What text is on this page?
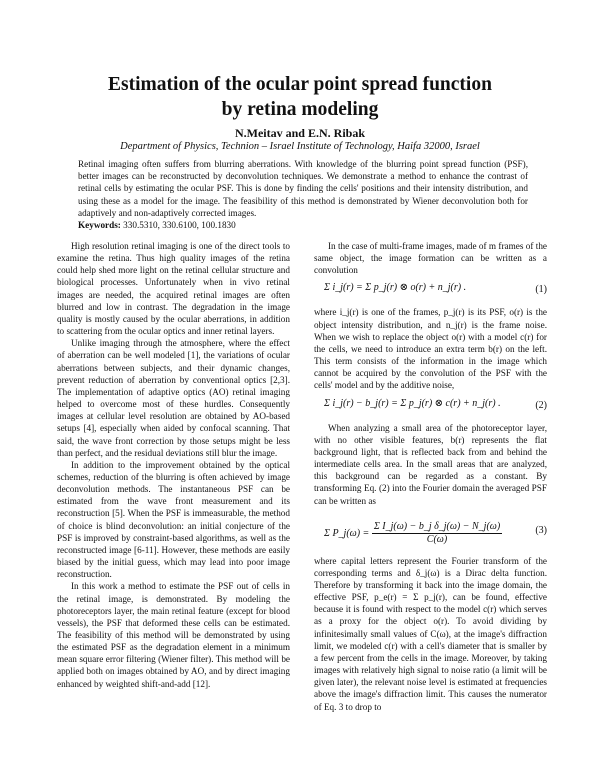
Estimation of the ocular point spread function
by retina modeling
N.Meitav and E.N. Ribak
Department of Physics, Technion – Israel Institute of Technology, Haifa 32000, Israel

Retinal imaging often suffers from blurring aberrations. With knowledge of the blurring point spread function (PSF), better images can be reconstructed by deconvolution techniques. We demonstrate a method to enhance the contrast of retinal cells by estimating the ocular PSF. This is done by finding the cells' positions and their intensity distribution, and using these as a model for the image. The feasibility of this method is demonstrated by Wiener deconvolution both for adaptively and non-adaptively corrected images.

Keywords: 330.5310, 330.6100, 100.1830

High resolution retinal imaging is one of the direct tools to examine the retina. Thus high quality images of the retina could help shed more light on the retinal cellular structure and biological processes. Unfortunately when in vivo retinal images are needed, the acquired retinal images are often blurred and low in contrast. The degradation in the image quality is mostly caused by the ocular aberrations, in addition to scattering from the ocular optics and inner retinal layers.

Unlike imaging through the atmosphere, where the effect of aberration can be well modeled [1], the variations of ocular aberrations between subjects, and their dynamic changes, prevent reduction of aberration by conventional optics [2,3]. The implementation of adaptive optics (AO) retinal imaging helped to overcome most of these hurdles. Consequently images at cellular level resolution are obtained by AO-based setups [4], especially when aided by confocal scanning. That said, the wave front correction by those setups might be less than perfect, and the residual deviations still blur the image.

In addition to the improvement obtained by the optical schemes, reduction of the blurring is often achieved by image deconvolution methods. The instantaneous PSF can be estimated from the wave front measurement and its reconstruction [5]. When the PSF is immeasurable, the method of choice is blind deconvolution: an initial conjecture of the PSF is improved by constraint-based algorithms, as well as the reconstructed image [6-11]. However, these methods are easily biased by the initial guess, which may lead into poor image reconstruction.

In this work a method to estimate the PSF out of cells in the retinal image, is demonstrated. By modeling the photoreceptors layer, the main retinal feature (except for blood vessels), the PSF that deformed these cells can be estimated. The feasibility of this method will be demonstrated by using the estimated PSF as the degradation element in a minimum mean square error filtering (Wiener filter). This method will be applied both on images obtained by AO, and by direct imaging enhanced by weighted shift-and-add [12].

In the case of multi-frame images, made of m frames of the same object, the image formation can be written as a convolution

Σ i_j(r) = Σ p_j(r) ⊗ o(r) + n_j(r) .	(1)

where i_j(r) is one of the frames, p_j(r) is its PSF, o(r) is the object intensity distribution, and n_j(r) is the frame noise. When we wish to replace the object o(r) with a model c(r) for the cells, we need to introduce an extra term b(r) on the left. This term consists of the information in the image which cannot be acquired by the convolution of the PSF with the cells' model and by the additive noise,

Σ i_j(r) − b_j(r) = Σ p_j(r) ⊗ c(r) + n_j(r) .	(2)

When analyzing a small area of the photoreceptor layer, with no other visible features, b(r) represents the flat background light, that is reflected back from and behind the intermediate cells area. In the small areas that are analyzed, this background can be regarded as a constant. By transforming Eq. (2) into the Fourier domain the averaged PSF can be written as

Σ P_j(ω) = $\frac{\text{Σ I\_j(ω) − b\_j δ\_j(ω) − N\_j(ω)}}{C(\omega)}$	(3)

where capital letters represent the Fourier transform of the corresponding terms and δ_j(ω) is a Dirac delta function. Therefore by transforming it back into the image domain, the effective PSF, p_e(r) = Σ p_j(r), can be found, effective because it is found with respect to the model c(r) which serves as a proxy for the object o(r). To avoid dividing by infinitesimally small values of C(ω), at the image's diffraction limit, we modeled c(r) with a cell's diameter that is smaller by a few percent from the cells in the image. Moreover, by taking images with relatively high signal to noise ratio (a limit will be given later), the relevant noise level is estimated at frequencies above the image's diffraction limit. This causes the numerator of Eq. 3 to drop to
